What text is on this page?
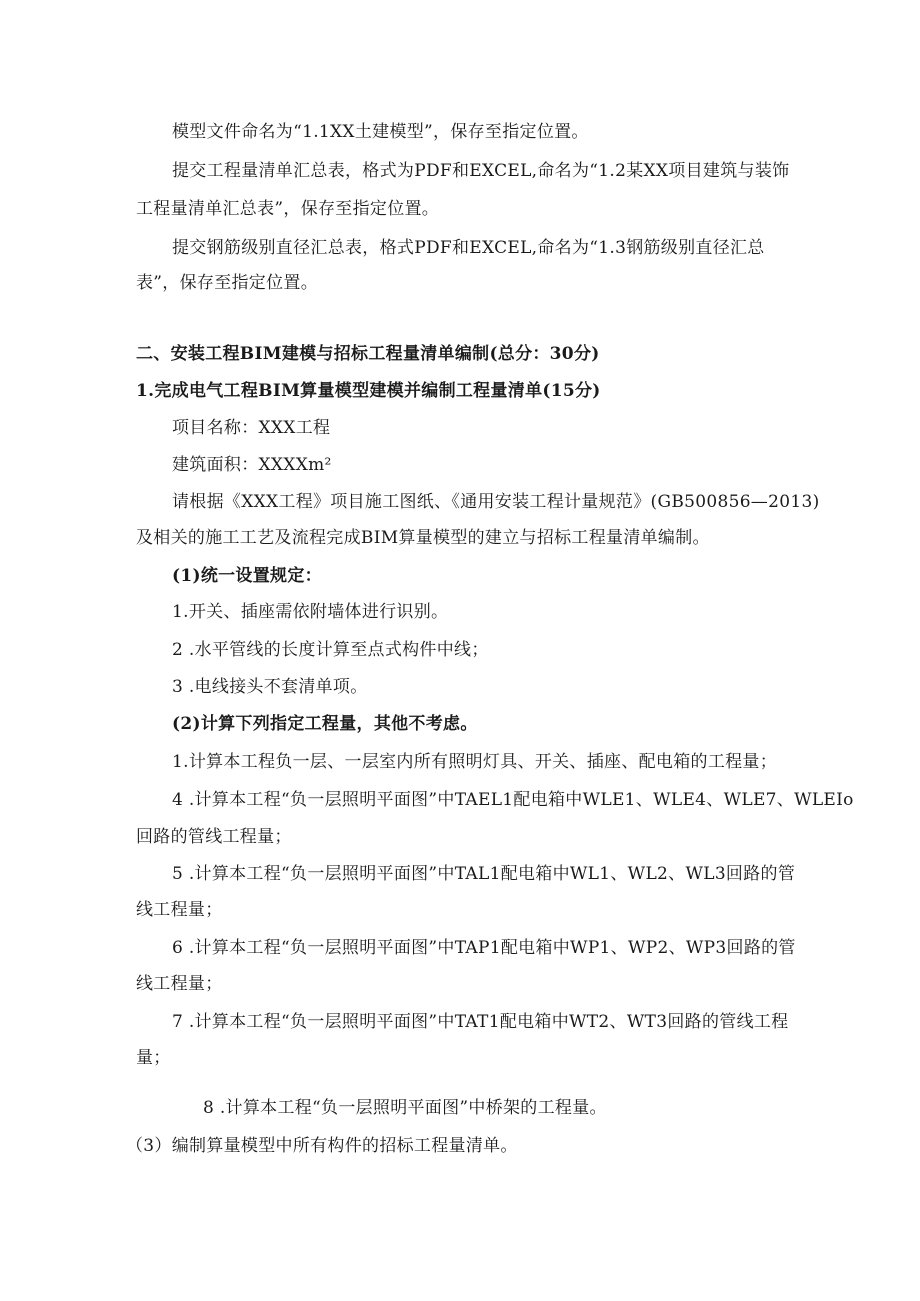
模型文件命名为“1.1XX土建模型”，保存至指定位置。
提交工程量清单汇总表，格式为PDF和EXCEL,命名为“1.2某XX项目建筑与装饰
工程量清单汇总表”，保存至指定位置。
提交钢筋级别直径汇总表，格式PDF和EXCEL,命名为“1.3钢筋级别直径汇总
表”，保存至指定位置。
二、安装工程BIM建模与招标工程量清单编制(总分：30分)
1.完成电气工程BIM算量模型建模并编制工程量清单(15分)
项目名称：XXX工程
建筑面积：XXXXm²
请根据《XXX工程》项目施工图纸、《通用安装工程计量规范》(GB500856—2013)
及相关的施工工艺及流程完成BIM算量模型的建立与招标工程量清单编制。
(1)统一设置规定：
1.开关、插座需依附墙体进行识别。
2 .水平管线的长度计算至点式构件中线；
3 .电线接头不套清单项。
(2)计算下列指定工程量，其他不考虑。
1.计算本工程负一层、一层室内所有照明灯具、开关、插座、配电箱的工程量；
4 .计算本工程“负一层照明平面图”中TAEL1配电箱中WLE1、WLE4、WLE7、WLEIo
回路的管线工程量；
5 .计算本工程“负一层照明平面图”中TAL1配电箱中WL1、WL2、WL3回路的管
线工程量；
6 .计算本工程“负一层照明平面图”中TAP1配电箱中WP1、WP2、WP3回路的管
线工程量；
7 .计算本工程“负一层照明平面图”中TAT1配电箱中WT2、WT3回路的管线工程
量；
8 .计算本工程“负一层照明平面图”中桥架的工程量。
（3）编制算量模型中所有构件的招标工程量清单。
